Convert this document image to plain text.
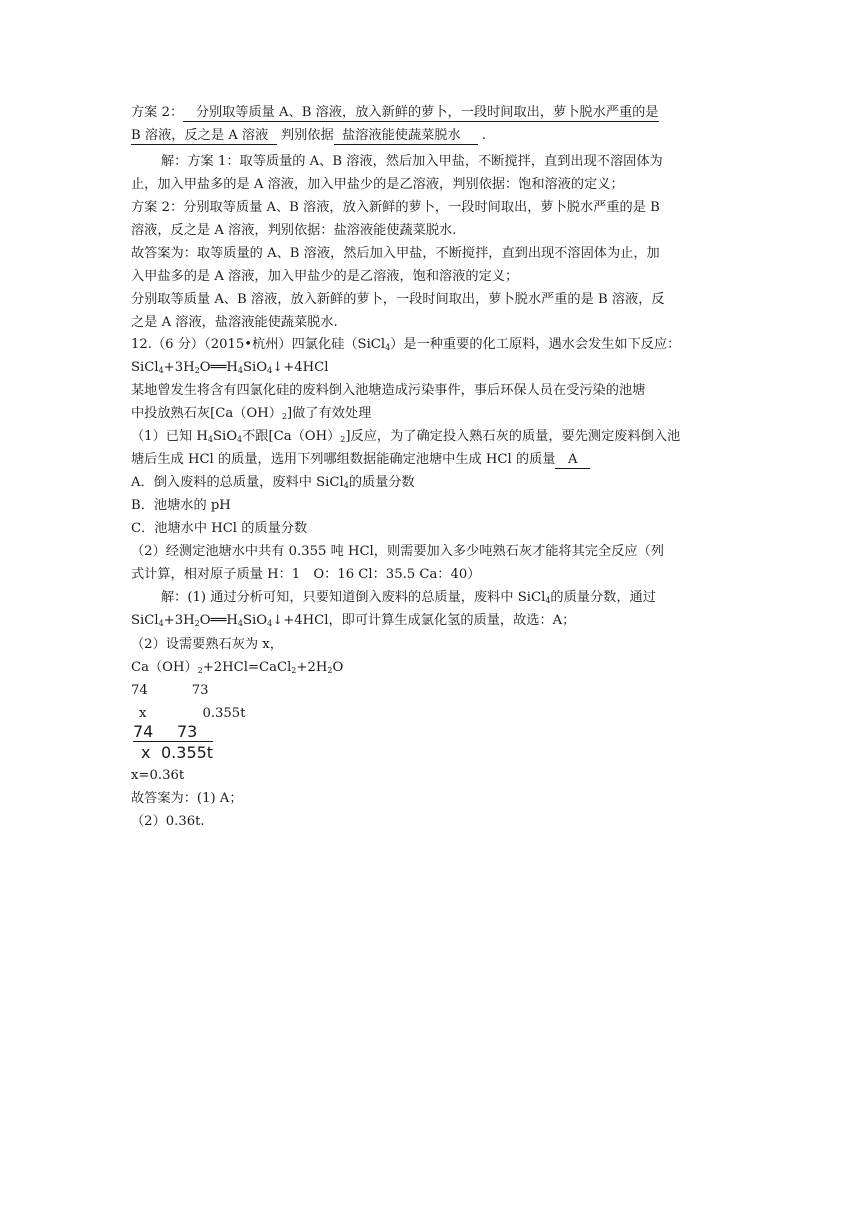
方案 2： 分别取等质量 A、B 溶液，放入新鲜的萝卜，一段时间取出，萝卜脱水严重的是
B 溶液，反之是 A 溶液 判别依据 盐溶液能使蔬菜脱水 .
解：方案 1：取等质量的 A、B 溶液，然后加入甲盐，不断搅拌，直到出现不溶固体为
止，加入甲盐多的是 A 溶液，加入甲盐少的是乙溶液，判别依据：饱和溶液的定义；
方案 2：分别取等质量 A、B 溶液，放入新鲜的萝卜，一段时间取出，萝卜脱水严重的是 B
溶液，反之是 A 溶液，判别依据：盐溶液能使蔬菜脱水.
故答案为：取等质量的 A、B 溶液，然后加入甲盐，不断搅拌，直到出现不溶固体为止，加
入甲盐多的是 A 溶液，加入甲盐少的是乙溶液，饱和溶液的定义；
分别取等质量 A、B 溶液，放入新鲜的萝卜，一段时间取出，萝卜脱水严重的是 B 溶液，反
之是 A 溶液，盐溶液能使蔬菜脱水.
12.（6 分）（2015•杭州）四氯化硅（SiCl$_4$）是一种重要的化工原料，遇水会发生如下反应：
$SiCl_4+3H_2O══H_4SiO_4↓+4HCl$
某地曾发生将含有四氯化硅的废料倒入池塘造成污染事件，事后环保人员在受污染的池塘
中投放熟石灰$[Ca(OH)_2]$做了有效处理
（1）已知 $H_4SiO_4$不跟$[Ca(OH)_2]$反应，为了确定投入熟石灰的质量，要先测定废料倒入池
塘后生成 HCl 的质量，选用下列哪组数据能确定池塘中生成 HCl 的质量 A
A．倒入废料的总质量，废料中 SiCl$_4$的质量分数
B．池塘水的 pH
C．池塘水中 HCl 的质量分数
（2）经测定池塘水中共有 0.355 吨 HCl，则需要加入多少吨熟石灰才能将其完全反应（列
式计算，相对原子质量 H：1　O：16 Cl：35.5 Ca：40）
解：(1) 通过分析可知，只要知道倒入废料的总质量，废料中 SiCl$_4$的质量分数，通过
$SiCl_4+3H_2O══H_4SiO_4↓+4HCl$，即可计算生成氯化氢的质量，故选：A；
（2）设需要熟石灰为 x，
$Ca(OH)_2+2HCl=CaCl_2+2H_2O$
74	73
x	0.355t
74 73
x 0.355t
x=0.36t
故答案为：(1) A；
（2）0.36t.
